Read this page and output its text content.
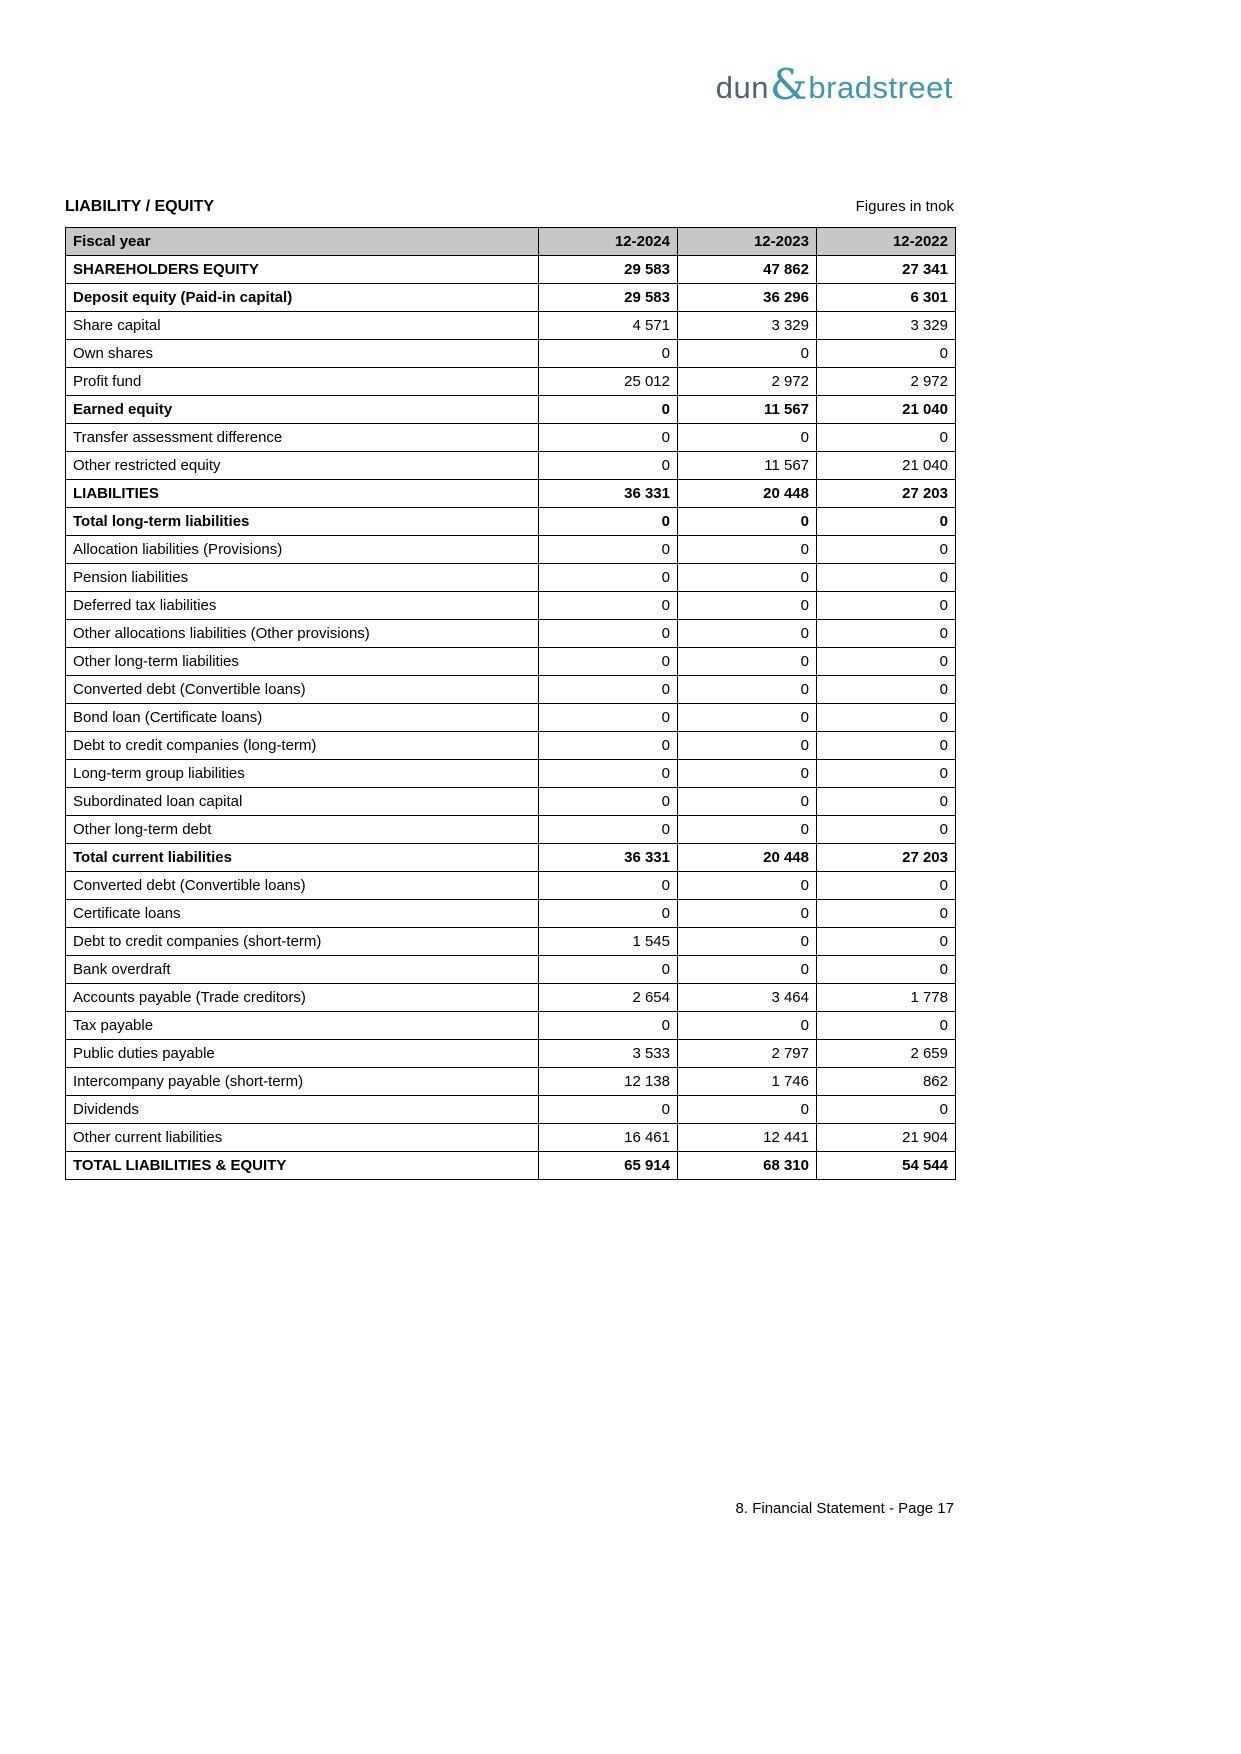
dun & bradstreet
LIABILITY / EQUITY	Figures in tnok
Fiscal year	12-2024	12-2023	12-2022
SHAREHOLDERS EQUITY	29 583	47 862	27 341
Deposit equity (Paid-in capital)	29 583	36 296	6 301
Share capital	4 571	3 329	3 329
Own shares	0	0	0
Profit fund	25 012	2 972	2 972
Earned equity	0	11 567	21 040
Transfer assessment difference	0	0	0
Other restricted equity	0	11 567	21 040
LIABILITIES	36 331	20 448	27 203
Total long-term liabilities	0	0	0
Allocation liabilities (Provisions)	0	0	0
Pension liabilities	0	0	0
Deferred tax liabilities	0	0	0
Other allocations liabilities (Other provisions)	0	0	0
Other long-term liabilities	0	0	0
Converted debt (Convertible loans)	0	0	0
Bond loan (Certificate loans)	0	0	0
Debt to credit companies (long-term)	0	0	0
Long-term group liabilities	0	0	0
Subordinated loan capital	0	0	0
Other long-term debt	0	0	0
Total current liabilities	36 331	20 448	27 203
Converted debt (Convertible loans)	0	0	0
Certificate loans	0	0	0
Debt to credit companies (short-term)	1 545	0	0
Bank overdraft	0	0	0
Accounts payable (Trade creditors)	2 654	3 464	1 778
Tax payable	0	0	0
Public duties payable	3 533	2 797	2 659
Intercompany payable (short-term)	12 138	1 746	862
Dividends	0	0	0
Other current liabilities	16 461	12 441	21 904
TOTAL LIABILITIES & EQUITY	65 914	68 310	54 544
8. Financial Statement - Page 17
